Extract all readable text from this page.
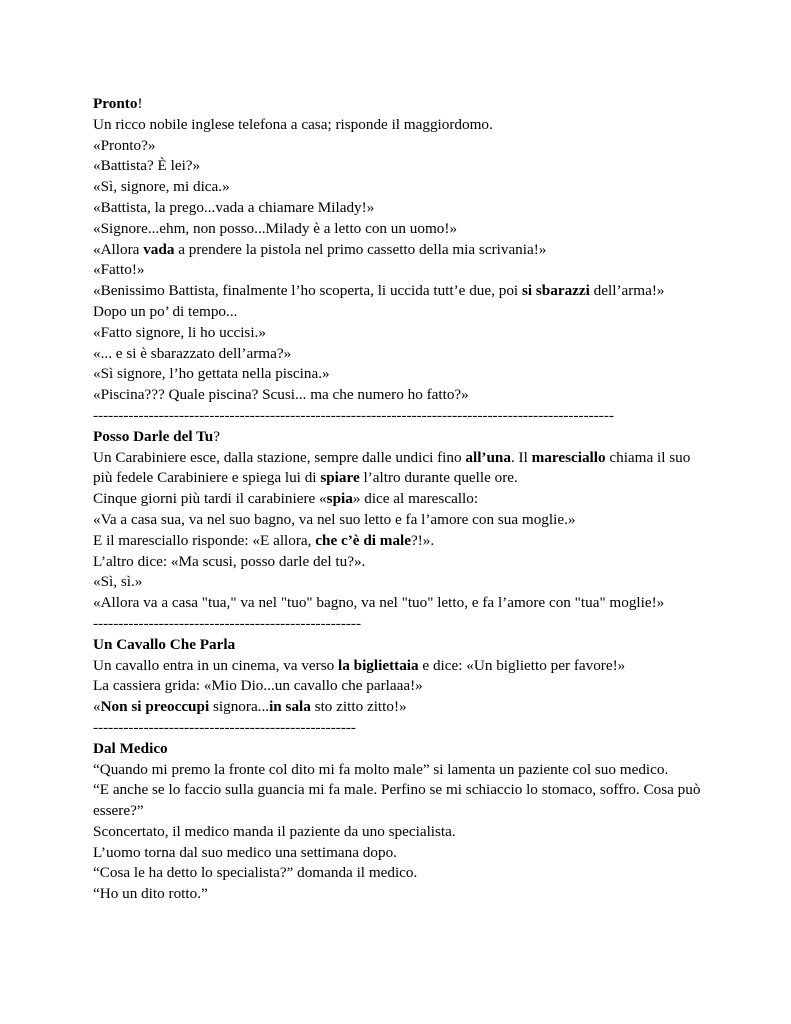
Pronto!
Un ricco nobile inglese telefona a casa; risponde il maggiordomo.
«Pronto?»
«Battista? È lei?»
«Sì, signore, mi dica.»
«Battista, la prego...vada a chiamare Milady!»
«Signore...ehm, non posso...Milady è a letto con un uomo!»
«Allora vada a prendere la pistola nel primo cassetto della mia scrivania!»
«Fatto!»
«Benissimo Battista, finalmente l’ho scoperta, li uccida tutt’e due, poi si sbarazzi dell’arma!»
Dopo un po’ di tempo...
«Fatto signore, li ho uccisi.»
«... e si è sbarazzato dell’arma?»
«Sì signore, l’ho gettata nella piscina.»
«Piscina??? Quale piscina? Scusi... ma che numero ho fatto?»
-------------------------------------------------------------------------------------------------------
Posso Darle del Tu?
Un Carabiniere esce, dalla stazione, sempre dalle undici fino all’una. Il maresciallo chiama il suo più fedele Carabiniere e spiega lui di spiare l’altro durante quelle ore.
Cinque giorni più tardi il carabiniere «spia» dice al marescallo:
«Va a casa sua, va nel suo bagno, va nel suo letto e fa l’amore con sua moglie.»
E il maresciallo risponde: «E allora, che c’è di male?!».
L’altro dice: «Ma scusi, posso darle del tu?».
«Sì, sì.»
«Allora va a casa "tua," va nel "tuo" bagno, va nel "tuo" letto, e fa l’amore con "tua" moglie!»
-----------------------------------------------------
Un Cavallo Che Parla
Un cavallo entra in un cinema, va verso la bigliettaia e dice: «Un biglietto per favore!»
La cassiera grida: «Mio Dio...un cavallo che parlaaa!»
«Non si preoccupi signora...in sala sto zitto zitto!»
----------------------------------------------------
Dal Medico
“Quando mi premo la fronte col dito mi fa molto male” si lamenta un paziente col suo medico.
“E anche se lo faccio sulla guancia mi fa male. Perfino se mi schiaccio lo stomaco, soffro. Cosa può essere?”
Sconcertato, il medico manda il paziente da uno specialista.
L’uomo torna dal suo medico una settimana dopo.
“Cosa le ha detto lo specialista?” domanda il medico.
“Ho un dito rotto.”
